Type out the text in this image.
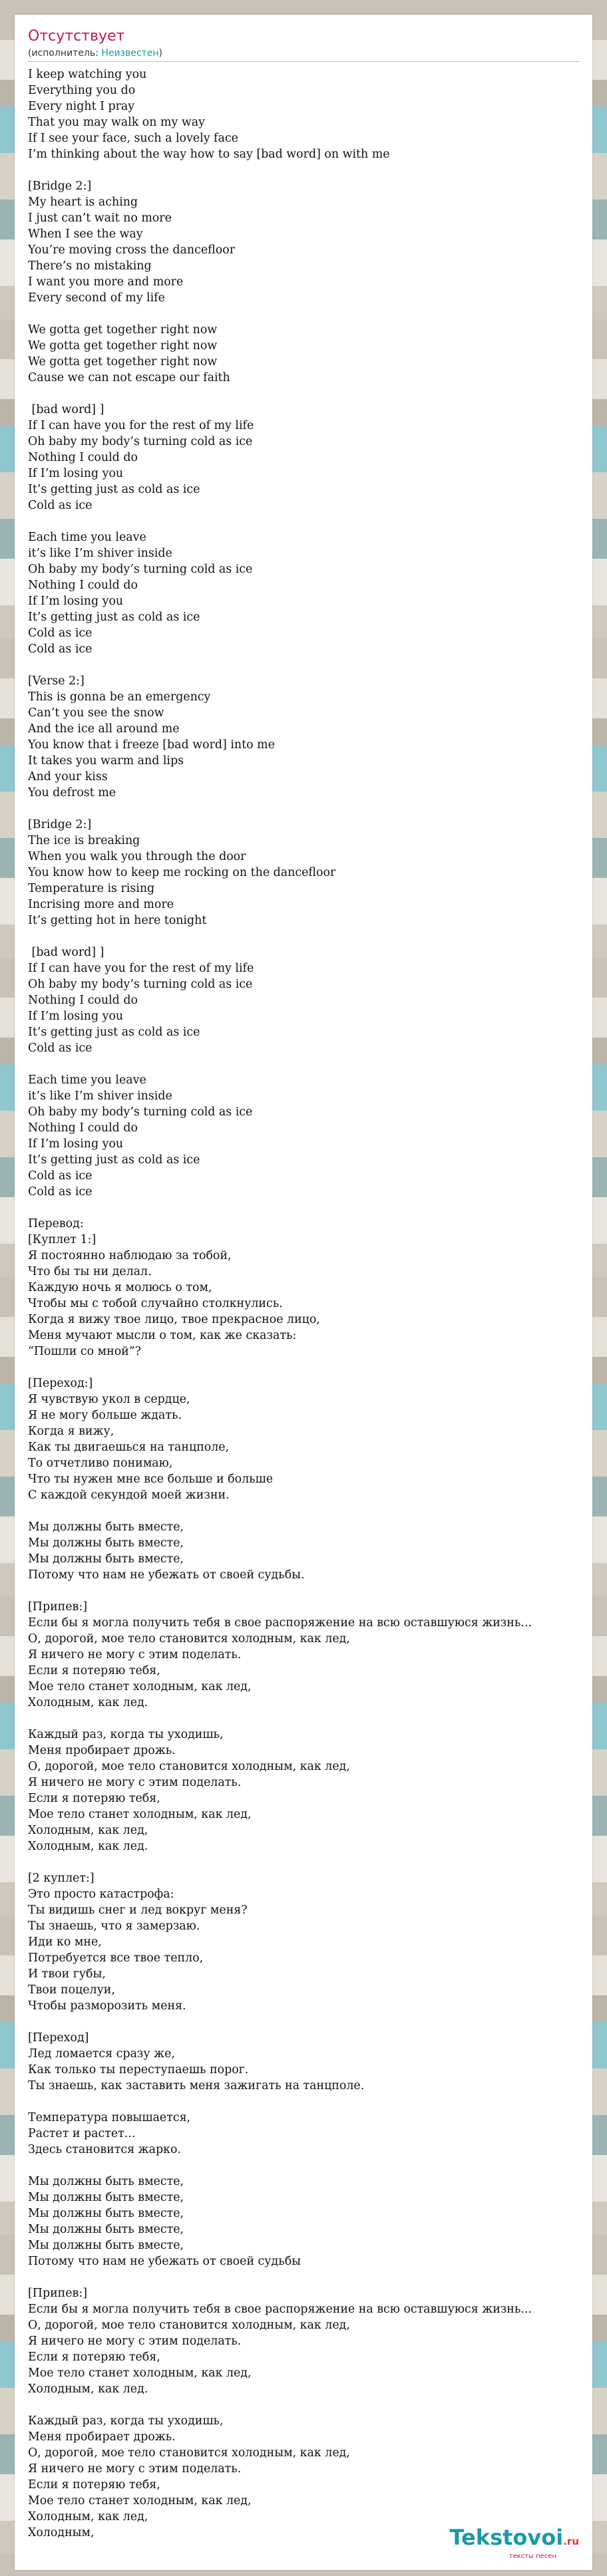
Отсутствует
(исполнитель: Неизвестен)
I keep watching you
Everything you do
Every night I pray
That you may walk on my way
If I see your face, such a lovely face
I’m thinking about the way how to say [bad word] on with me

[Bridge 2:]
My heart is aching
I just can’t wait no more
When I see the way
You’re moving cross the dancefloor
There’s no mistaking
I want you more and more
Every second of my life

We gotta get together right now
We gotta get together right now
We gotta get together right now
Cause we can not escape our faith

[bad word] ]
If I can have you for the rest of my life
Oh baby my body’s turning cold as ice
Nothing I could do
If I’m losing you
It’s getting just as cold as ice
Cold as ice

Each time you leave
it’s like I’m shiver inside
Oh baby my body’s turning cold as ice
Nothing I could do
If I’m losing you
It’s getting just as cold as ice
Cold as ice
Cold as ice

[Verse 2:]
This is gonna be an emergency
Can’t you see the snow
And the ice all around me
You know that i freeze [bad word] into me
It takes you warm and lips
And your kiss
You defrost me

[Bridge 2:]
The ice is breaking
When you walk you through the door
You know how to keep me rocking on the dancefloor
Temperature is rising
Incrising more and more
It’s getting hot in here tonight

[bad word] ]
If I can have you for the rest of my life
Oh baby my body’s turning cold as ice
Nothing I could do
If I’m losing you
It’s getting just as cold as ice
Cold as ice

Each time you leave
it’s like I’m shiver inside
Oh baby my body’s turning cold as ice
Nothing I could do
If I’m losing you
It’s getting just as cold as ice
Cold as ice
Cold as ice

Перевод:
[Куплет 1:]
Я постоянно наблюдаю за тобой,
Что бы ты ни делал.
Каждую ночь я молюсь о том,
Чтобы мы с тобой случайно столкнулись.
Когда я вижу твое лицо, твое прекрасное лицо,
Меня мучают мысли о том, как же сказать:
“Пошли со мной”?

[Переход:]
Я чувствую укол в сердце,
Я не могу больше ждать.
Когда я вижу,
Как ты двигаешься на танцполе,
То отчетливо понимаю,
Что ты нужен мне все больше и больше
С каждой секундой моей жизни.

Мы должны быть вместе,
Мы должны быть вместе,
Мы должны быть вместе,
Потому что нам не убежать от своей судьбы.

[Припев:]
Если бы я могла получить тебя в свое распоряжение на всю оставшуюся жизнь...
О, дорогой, мое тело становится холодным, как лед,
Я ничего не могу с этим поделать.
Если я потеряю тебя,
Мое тело станет холодным, как лед,
Холодным, как лед.

Каждый раз, когда ты уходишь,
Меня пробирает дрожь.
О, дорогой, мое тело становится холодным, как лед,
Я ничего не могу с этим поделать.
Если я потеряю тебя,
Мое тело станет холодным, как лед,
Холодным, как лед,
Холодным, как лед.

[2 куплет:]
Это просто катастрофа:
Ты видишь снег и лед вокруг меня?
Ты знаешь, что я замерзаю.
Иди ко мне,
Потребуется все твое тепло,
И твои губы,
Твои поцелуи,
Чтобы разморозить меня.

[Переход]
Лед ломается сразу же,
Как только ты переступаешь порог.
Ты знаешь, как заставить меня зажигать на танцполе.

Температура повышается,
Растет и растет...
Здесь становится жарко.

Мы должны быть вместе,
Мы должны быть вместе,
Мы должны быть вместе,
Мы должны быть вместе,
Мы должны быть вместе,
Потому что нам не убежать от своей судьбы

[Припев:]
Если бы я могла получить тебя в свое распоряжение на всю оставшуюся жизнь...
О, дорогой, мое тело становится холодным, как лед,
Я ничего не могу с этим поделать.
Если я потеряю тебя,
Мое тело станет холодным, как лед,
Холодным, как лед.

Каждый раз, когда ты уходишь,
Меня пробирает дрожь.
О, дорогой, мое тело становится холодным, как лед,
Я ничего не могу с этим поделать.
Если я потеряю тебя,
Мое тело станет холодным, как лед,
Холодным, как лед,
Холодным,	Tekstovoi.ru
тексты песен
